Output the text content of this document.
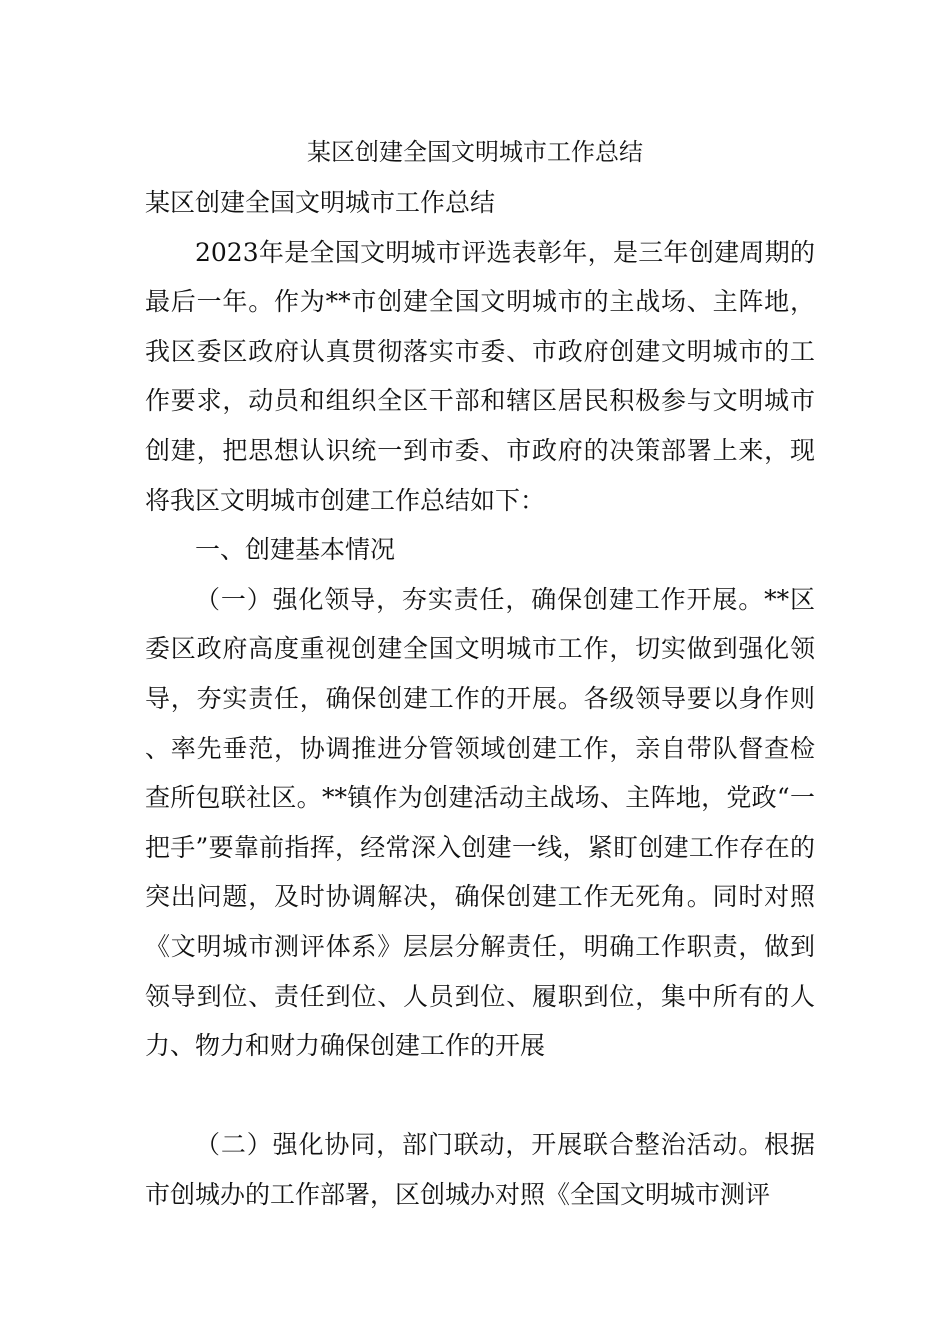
某区创建全国文明城市工作总结

某区创建全国文明城市工作总结

2023年是全国文明城市评选表彰年，是三年创建周期的最后一年。作为**市创建全国文明城市的主战场、主阵地，我区委区政府认真贯彻落实市委、市政府创建文明城市的工作要求，动员和组织全区干部和辖区居民积极参与文明城市创建，把思想认识统一到市委、市政府的决策部署上来，现将我区文明城市创建工作总结如下：

一、创建基本情况

（一）强化领导，夯实责任，确保创建工作开展。**区委区政府高度重视创建全国文明城市工作，切实做到强化领导，夯实责任，确保创建工作的开展。各级领导要以身作则、率先垂范，协调推进分管领域创建工作，亲自带队督查检查所包联社区。**镇作为创建活动主战场、主阵地，党政“一把手”要靠前指挥，经常深入创建一线，紧盯创建工作存在的突出问题，及时协调解决，确保创建工作无死角。同时对照《文明城市测评体系》层层分解责任，明确工作职责，做到领导到位、责任到位、人员到位、履职到位，集中所有的人力、物力和财力确保创建工作的开展

（二）强化协同，部门联动，开展联合整治活动。根据市创城办的工作部署，区创城办对照《全国文明城市测评
